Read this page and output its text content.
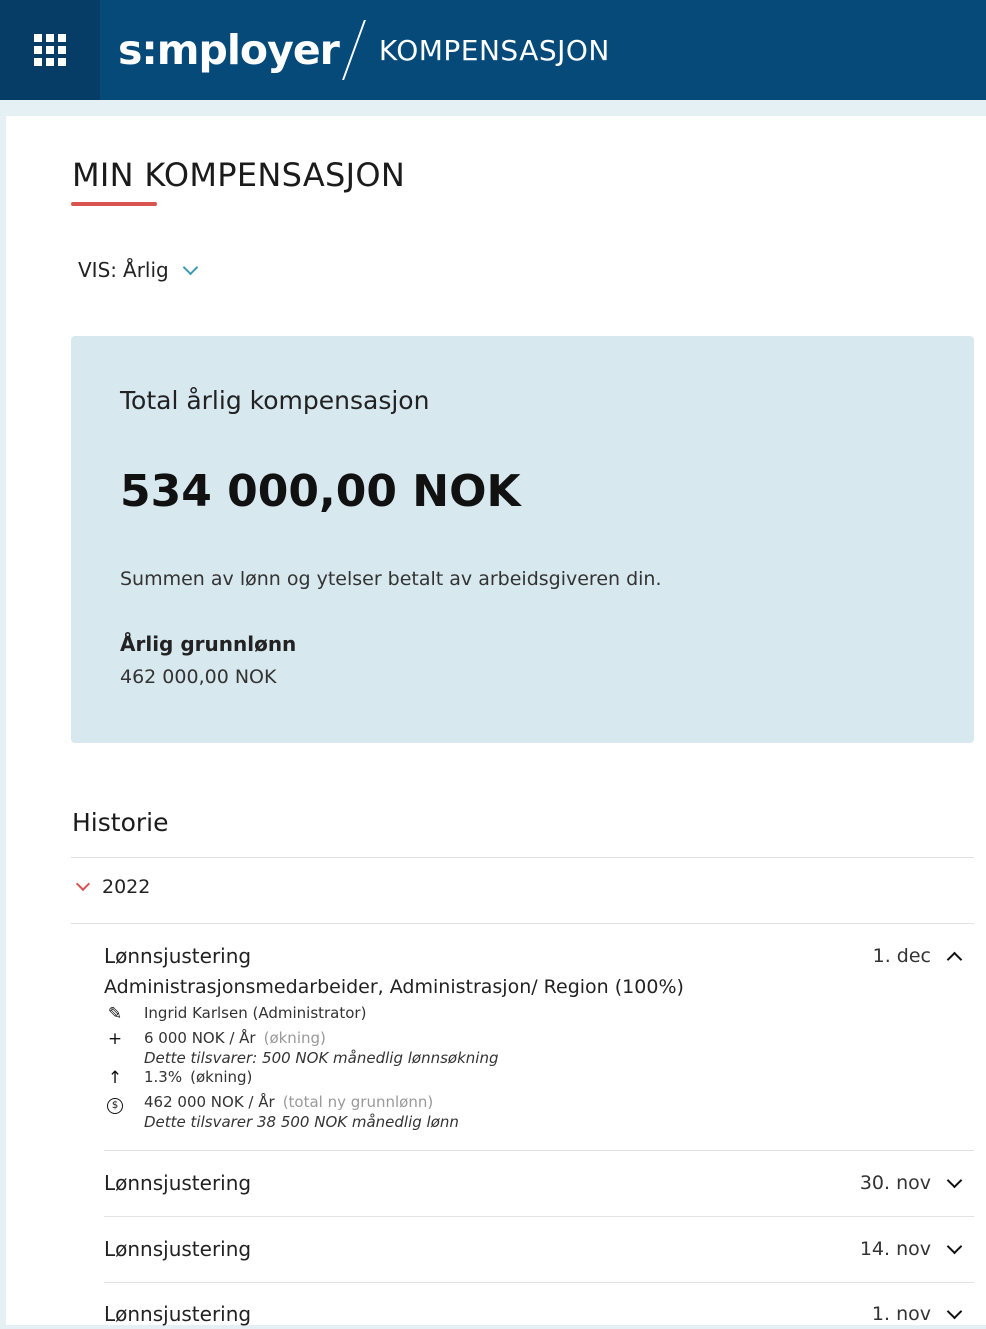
s:mployer KOMPENSASJON
MIN KOMPENSASJON
VIS: Årlig
Total årlig kompensasjon
534 000,00 NOK
Summen av lønn og ytelser betalt av arbeidsgiveren din.
Årlig grunnlønn
462 000,00 NOK
Historie
2022
Lønnsjustering	1. dec
Administrasjonsmedarbeider, Administrasjon/ Region (100%)
✎ Ingrid Karlsen (Administrator)
+ 6 000 NOK / År (økning)
Dette tilsvarer: 500 NOK månedlig lønnsøkning
↑ 1.3% (økning)
$	462 000 NOK / År (total ny grunnlønn)
Dette tilsvarer 38 500 NOK månedlig lønn
Lønnsjustering	30. nov
Lønnsjustering	14. nov
Lønnsjustering	1. nov
